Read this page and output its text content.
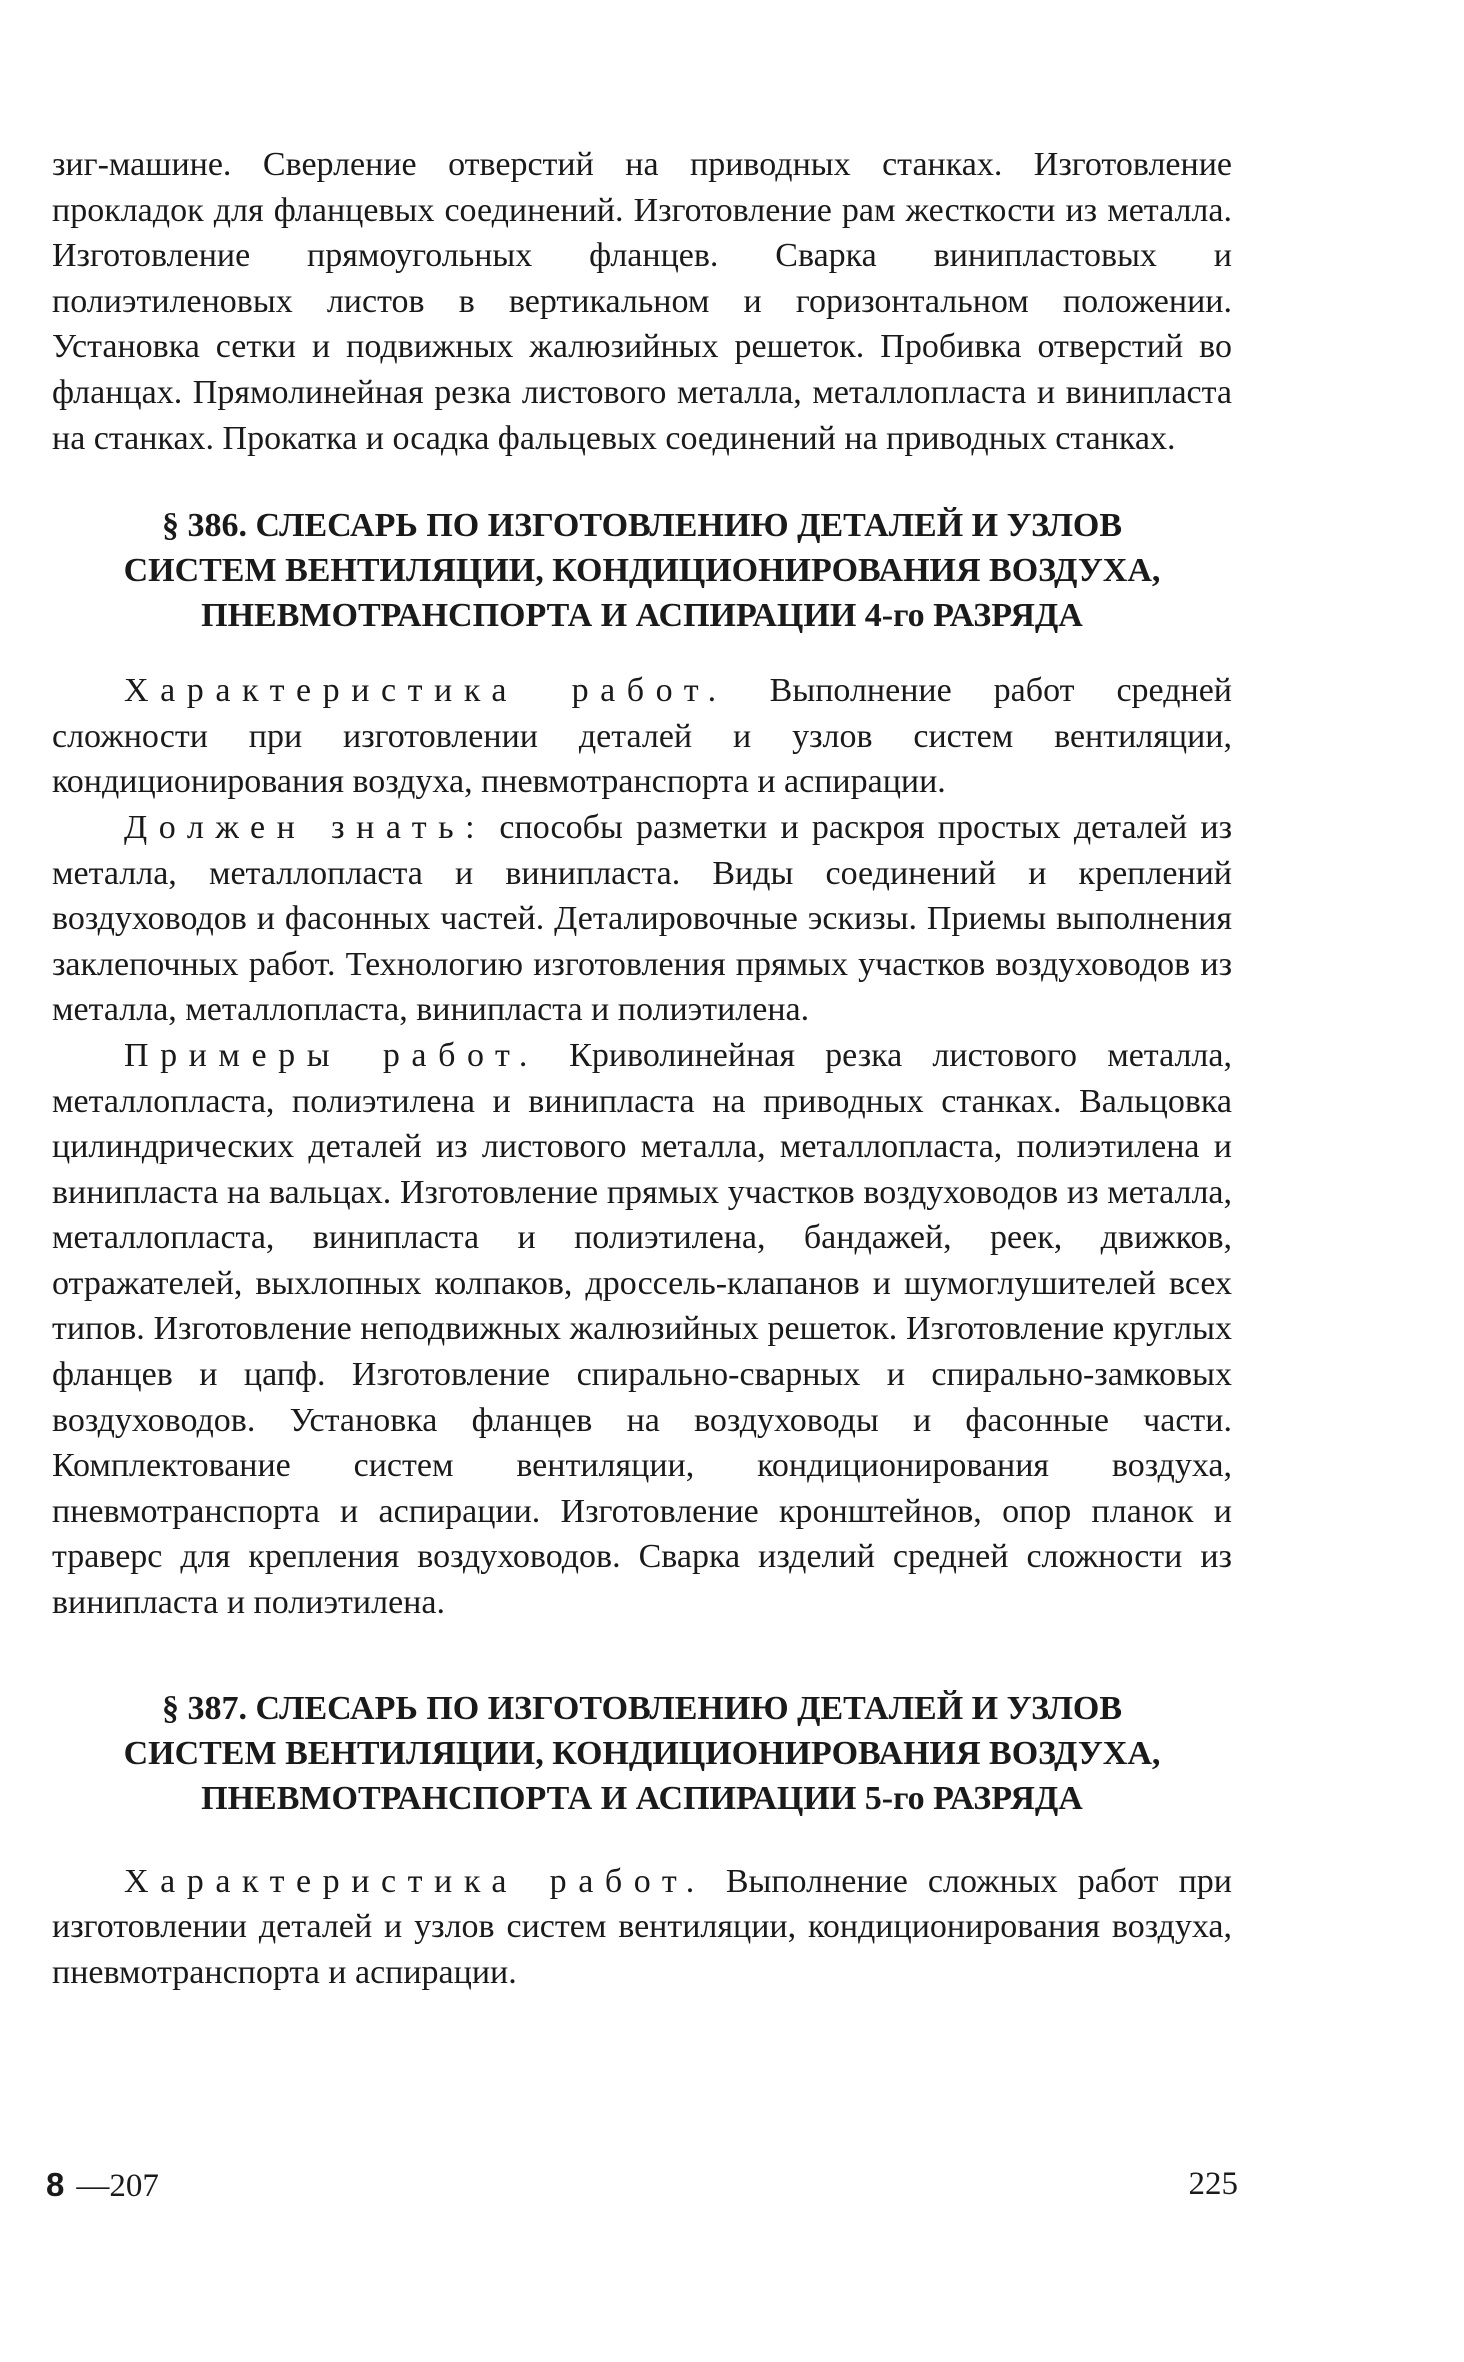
зиг-машине. Сверление отверстий на приводных станках. Изготовление прокладок для фланцевых соединений. Изготовление рам жесткости из металла. Изготовление прямоугольных фланцев. Сварка винипластовых и полиэтиленовых листов в вертикальном и горизонтальном положении. Установка сетки и подвижных жалюзийных решеток. Пробивка отверстий во фланцах. Прямолинейная резка листового металла, металлопласта и винипласта на станках. Прокатка и осадка фальцевых соединений на приводных станках.

§ 386. СЛЕСАРЬ ПО ИЗГОТОВЛЕНИЮ ДЕТАЛЕЙ И УЗЛОВ
СИСТЕМ ВЕНТИЛЯЦИИ, КОНДИЦИОНИРОВАНИЯ ВОЗДУХА,
ПНЕВМОТРАНСПОРТА И АСПИРАЦИИ 4-го РАЗРЯДА

Характеристика работ. Выполнение работ средней сложности при изготовлении деталей и узлов систем вентиляции, кондиционирования воздуха, пневмотранспорта и аспирации.

Должен знать: способы разметки и раскроя простых деталей из металла, металлопласта и винипласта. Виды соединений и креплений воздуховодов и фасонных частей. Деталировочные эскизы. Приемы выполнения заклепочных работ. Технологию изготовления прямых участков воздуховодов из металла, металлопласта, винипласта и полиэтилена.

Примеры работ. Криволинейная резка листового металла, металлопласта, полиэтилена и винипласта на приводных станках. Вальцовка цилиндрических деталей из листового металла, металлопласта, полиэтилена и винипласта на вальцах. Изготовление прямых участков воздуховодов из металла, металлопласта, винипласта и полиэтилена, бандажей, реек, движков, отражателей, выхлопных колпаков, дроссель-клапанов и шумоглушителей всех типов. Изготовление неподвижных жалюзийных решеток. Изготовление круглых фланцев и цапф. Изготовление спирально-сварных и спирально-замковых воздуховодов. Установка фланцев на воздуховоды и фасонные части. Комплектование систем вентиляции, кондиционирования воздуха, пневмотранспорта и аспирации. Изготовление кронштейнов, опор планок и траверс для крепления воздуховодов. Сварка изделий средней сложности из винипласта и полиэтилена.

§ 387. СЛЕСАРЬ ПО ИЗГОТОВЛЕНИЮ ДЕТАЛЕЙ И УЗЛОВ
СИСТЕМ ВЕНТИЛЯЦИИ, КОНДИЦИОНИРОВАНИЯ ВОЗДУХА,
ПНЕВМОТРАНСПОРТА И АСПИРАЦИИ 5-го РАЗРЯДА

Характеристика работ. Выполнение сложных работ при изготовлении деталей и узлов систем вентиляции, кондиционирования воздуха, пневмотранспорта и аспирации.

8 —207	225
